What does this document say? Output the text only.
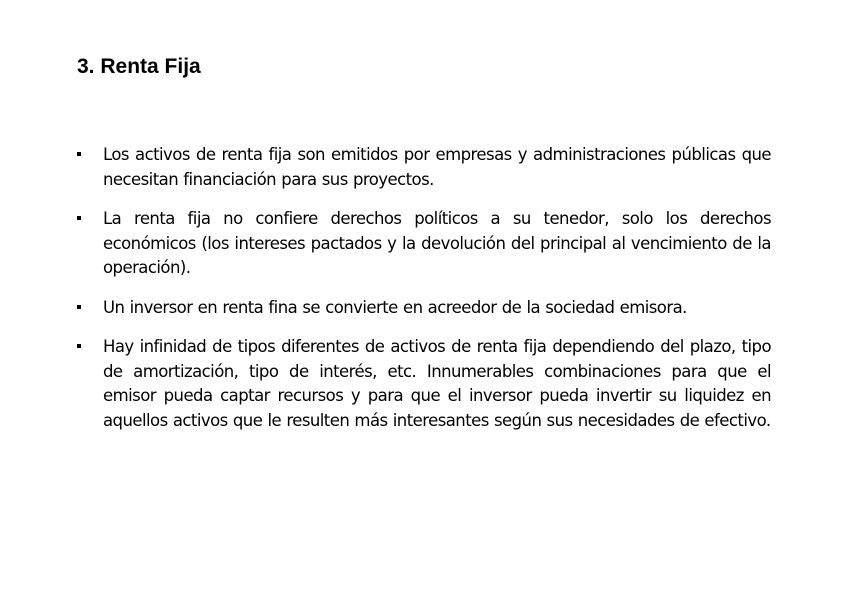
3. Renta Fija
Los activos de renta fija son emitidos por empresas y administraciones públicas que necesitan financiación para sus proyectos.
La renta fija no confiere derechos políticos a su tenedor, solo los derechos económicos (los intereses pactados y la devolución del principal al vencimiento de la operación).
Un inversor en renta fina se convierte en acreedor de la sociedad emisora.
Hay infinidad de tipos diferentes de activos de renta fija dependiendo del plazo, tipo de amortización, tipo de interés, etc. Innumerables combinaciones para que el emisor pueda captar recursos y para que el inversor pueda invertir su liquidez en aquellos activos que le resulten más interesantes según sus necesidades de efectivo.
